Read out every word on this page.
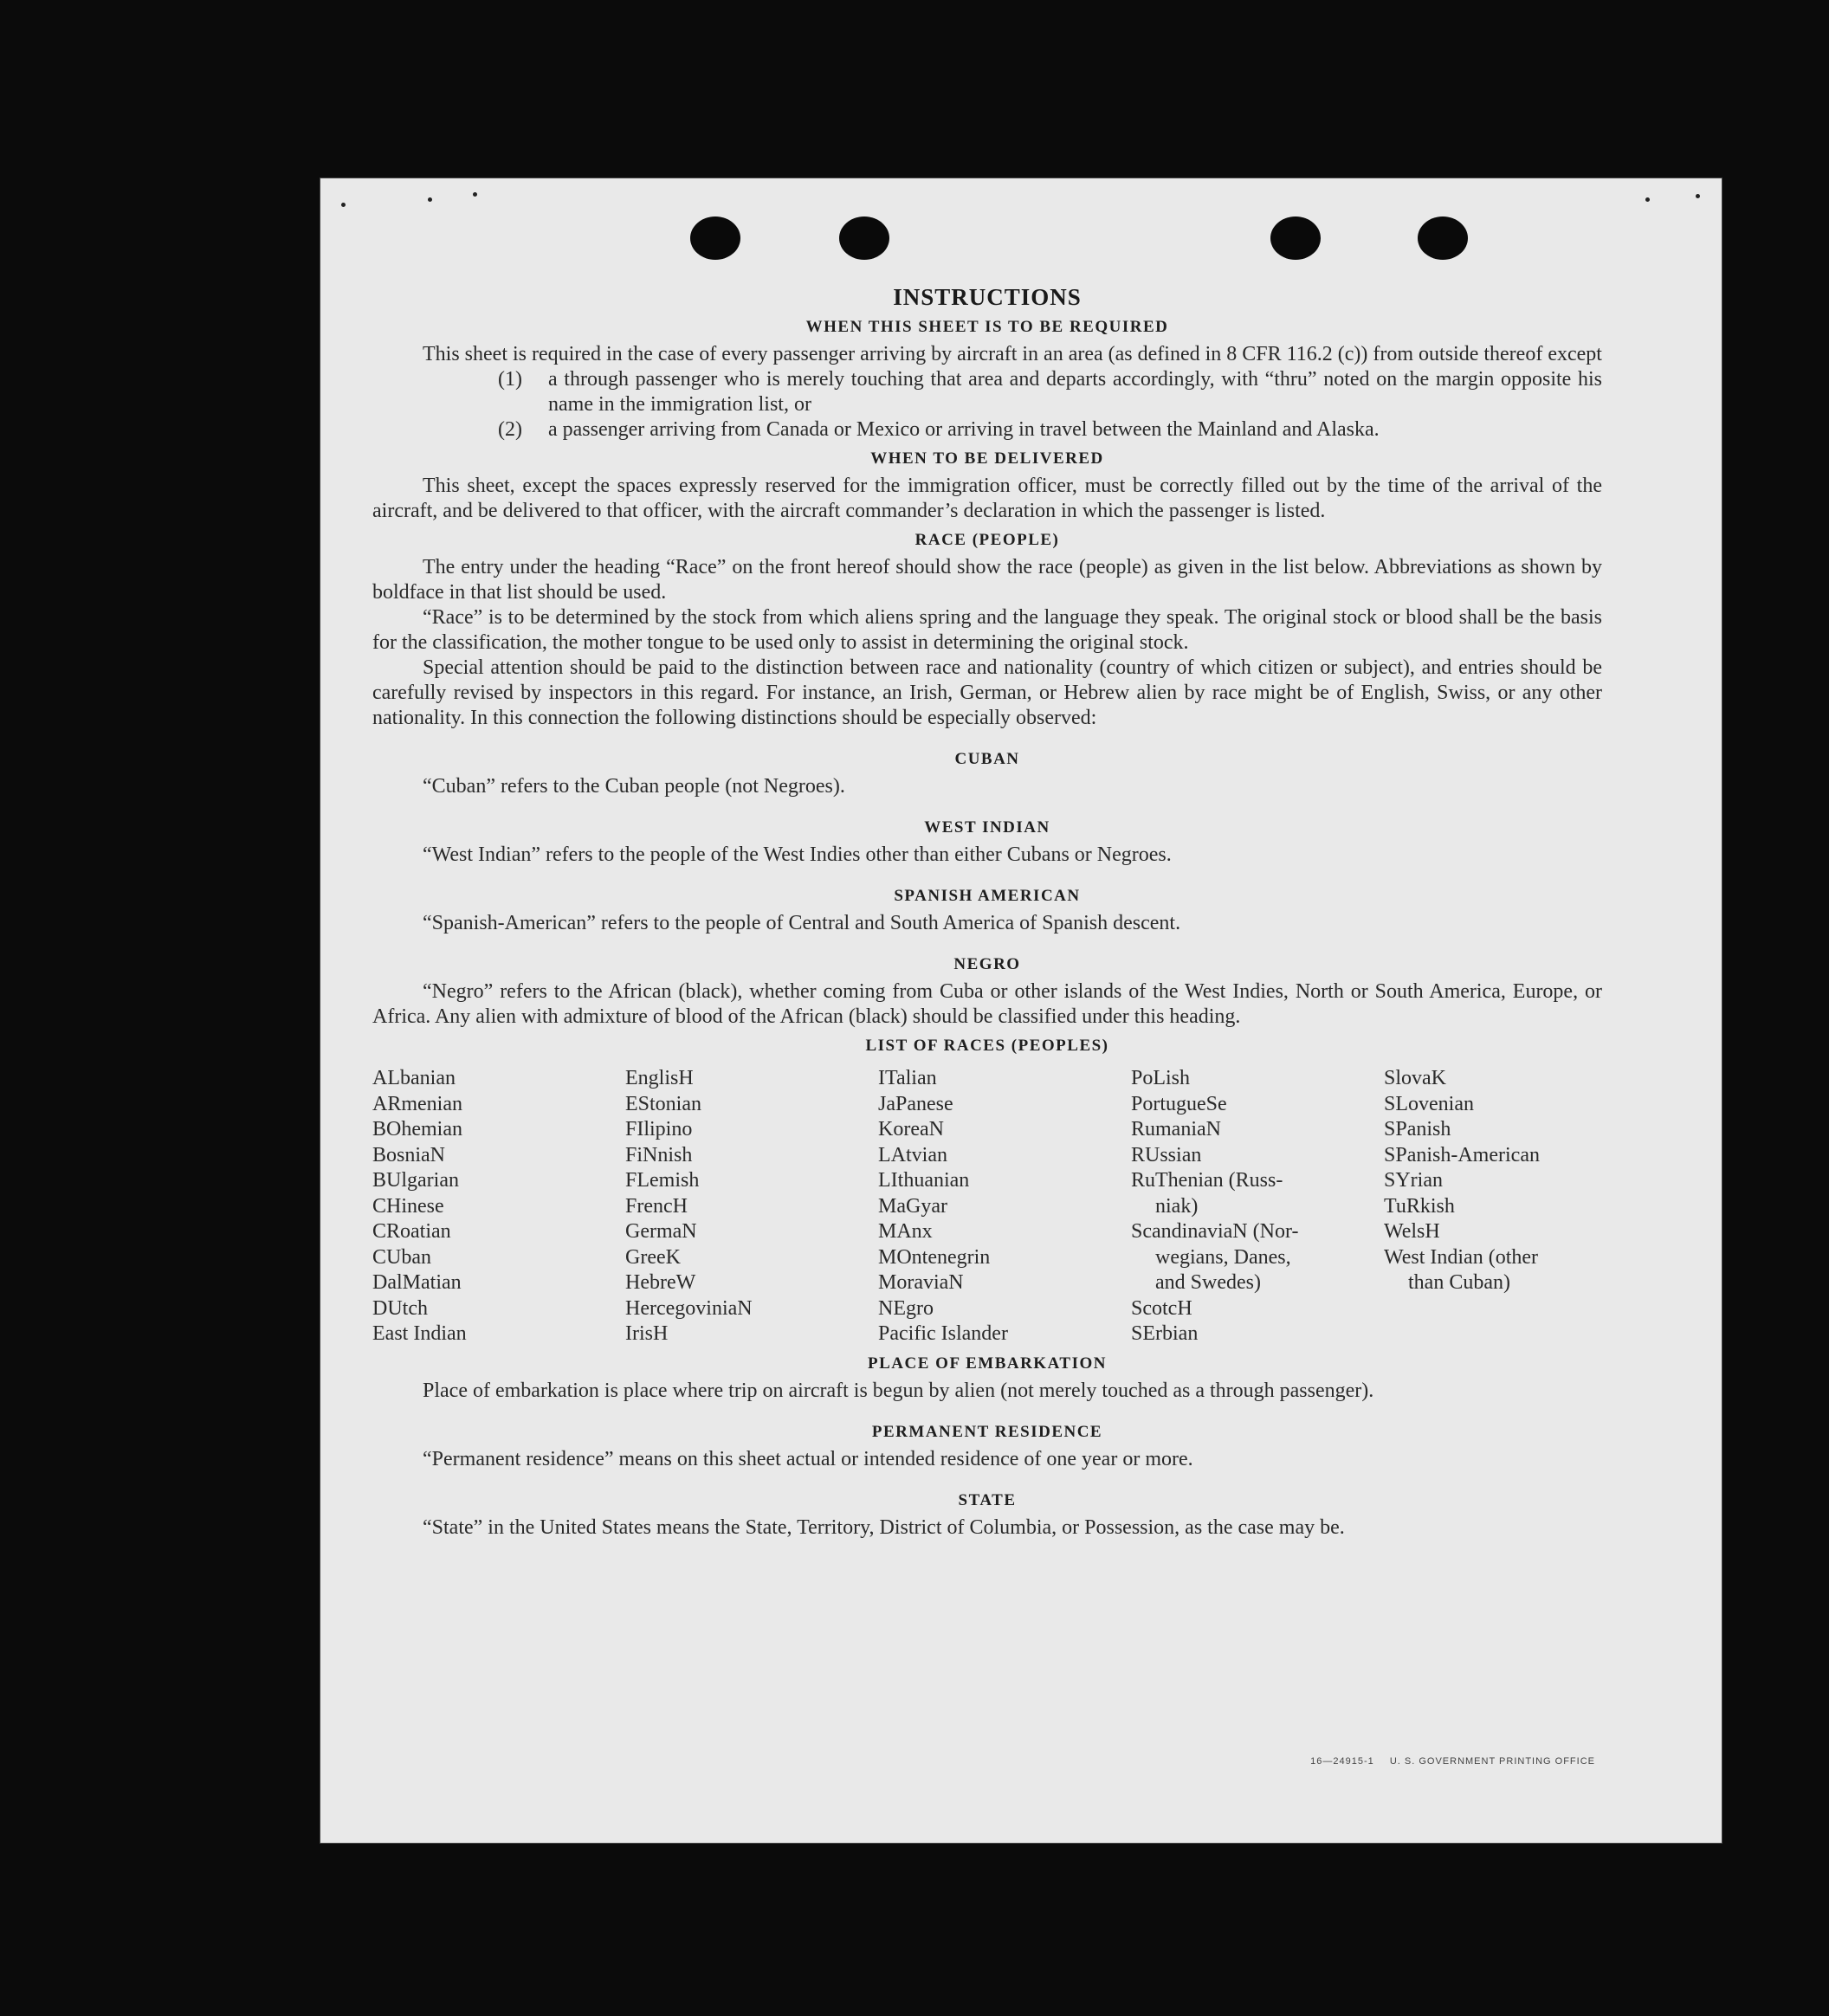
INSTRUCTIONS
WHEN THIS SHEET IS TO BE REQUIRED

This sheet is required in the case of every passenger arriving by aircraft in an area (as defined in 8 CFR 116.2 (c)) from outside thereof except

(1) a through passenger who is merely touching that area and departs accordingly, with “thru” noted on the margin opposite his name in the immigration list, or

(2) a passenger arriving from Canada or Mexico or arriving in travel between the Mainland and Alaska.

WHEN TO BE DELIVERED

This sheet, except the spaces expressly reserved for the immigration officer, must be correctly filled out by the time of the arrival of the aircraft, and be delivered to that officer, with the aircraft commander’s declaration in which the passenger is listed.

RACE (PEOPLE)

The entry under the heading “Race” on the front hereof should show the race (people) as given in the list below. Abbreviations as shown by boldface in that list should be used.

“Race” is to be determined by the stock from which aliens spring and the language they speak. The original stock or blood shall be the basis for the classification, the mother tongue to be used only to assist in determining the original stock.

Special attention should be paid to the distinction between race and nationality (country of which citizen or subject), and entries should be carefully revised by inspectors in this regard. For instance, an Irish, German, or Hebrew alien by race might be of English, Swiss, or any other nationality. In this connection the following distinctions should be especially observed:

CUBAN

“Cuban” refers to the Cuban people (not Negroes).

WEST INDIAN

“West Indian” refers to the people of the West Indies other than either Cubans or Negroes.

SPANISH AMERICAN

“Spanish-American” refers to the people of Central and South America of Spanish descent.

NEGRO

“Negro” refers to the African (black), whether coming from Cuba or other islands of the West Indies, North or South America, Europe, or Africa. Any alien with admixture of blood of the African (black) should be classified under this heading.

LIST OF RACES (PEOPLES)
ALbanian
ARmenian
BOhemian
BosniaN
BUlgarian
CHinese
CRoatian
CUban
DalMatian
DUtch
East Indian
EnglisH
EStonian
FIlipino
FiNnish
FLemish
FrencH
GermaN
GreeK
HebreW
HercegoviniaN
IrisH
ITalian
JaPanese
KoreaN
LAtvian
LIthuanian
MaGyar
MAnx
MOntenegrin
MoraviaN
NEgro
Pacific Islander
PoLish
PortugueSe
RumaniaN
RUssian
RuThenian (Russ-
niak)
ScandinaviaN (Nor-
wegians, Danes,
and Swedes)
ScotcH
SErbian
SlovaK
SLovenian
SPanish
SPanish-American
SYrian
TuRkish
WelsH
West Indian (other
than Cuban)
PLACE OF EMBARKATION

Place of embarkation is place where trip on aircraft is begun by alien (not merely touched as a through passenger).

PERMANENT RESIDENCE

“Permanent residence” means on this sheet actual or intended residence of one year or more.

STATE

“State” in the United States means the State, Territory, District of Columbia, or Possession, as the case may be.

16—24915-1 U. S. GOVERNMENT PRINTING OFFICE
